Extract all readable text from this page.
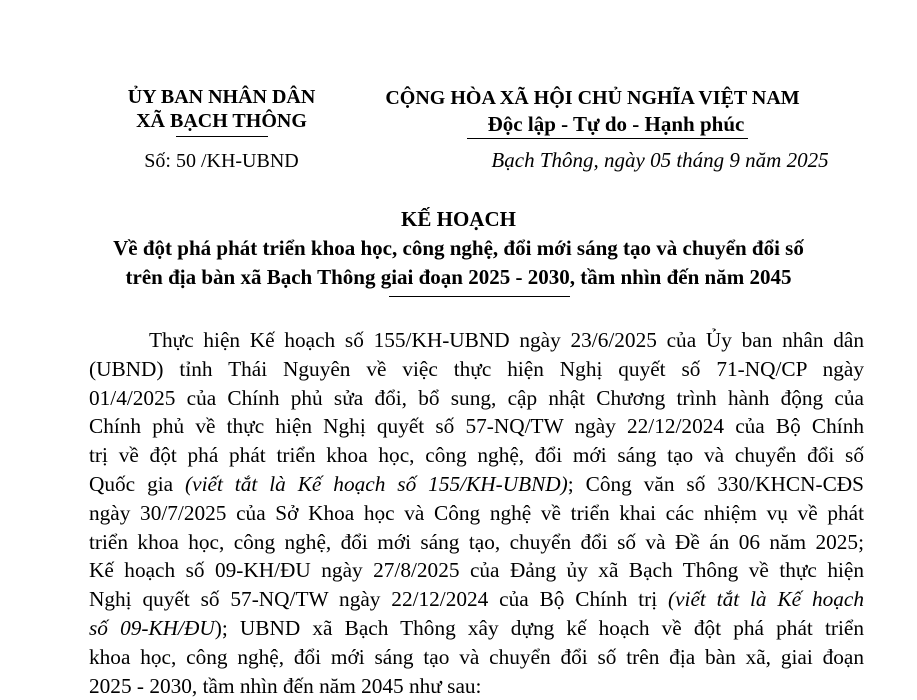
ỦY BAN NHÂN DÂN
XÃ BẠCH THÔNG
Số: 50 /KH-UBND
CỘNG HÒA XÃ HỘI CHỦ NGHĨA VIỆT NAM
Độc lập - Tự do - Hạnh phúc
Bạch Thông, ngày 05 tháng 9 năm 2025
KẾ HOẠCH
Về đột phá phát triển khoa học, công nghệ, đổi mới sáng tạo và chuyển đổi số
trên địa bàn xã Bạch Thông giai đoạn 2025 - 2030, tầm nhìn đến năm 2045
Thực hiện Kế hoạch số 155/KH-UBND ngày 23/6/2025 của Ủy ban nhân dân
(UBND) tỉnh Thái Nguyên về việc thực hiện Nghị quyết số 71-NQ/CP ngày
01/4/2025 của Chính phủ sửa đổi, bổ sung, cập nhật Chương trình hành động của
Chính phủ về thực hiện Nghị quyết số 57-NQ/TW ngày 22/12/2024 của Bộ Chính
trị về đột phá phát triển khoa học, công nghệ, đổi mới sáng tạo và chuyển đổi số
Quốc gia (viết tắt là Kế hoạch số 155/KH-UBND); Công văn số 330/KHCN-CĐS
ngày 30/7/2025 của Sở Khoa học và Công nghệ về triển khai các nhiệm vụ về phát
triển khoa học, công nghệ, đổi mới sáng tạo, chuyển đổi số và Đề án 06 năm 2025;
Kế hoạch số 09-KH/ĐU ngày 27/8/2025 của Đảng ủy xã Bạch Thông về thực hiện
Nghị quyết số 57-NQ/TW ngày 22/12/2024 của Bộ Chính trị (viết tắt là Kế hoạch
số 09-KH/ĐU); UBND xã Bạch Thông xây dựng kế hoạch về đột phá phát triển
khoa học, công nghệ, đổi mới sáng tạo và chuyển đổi số trên địa bàn xã, giai đoạn
2025 - 2030, tầm nhìn đến năm 2045 như sau:
